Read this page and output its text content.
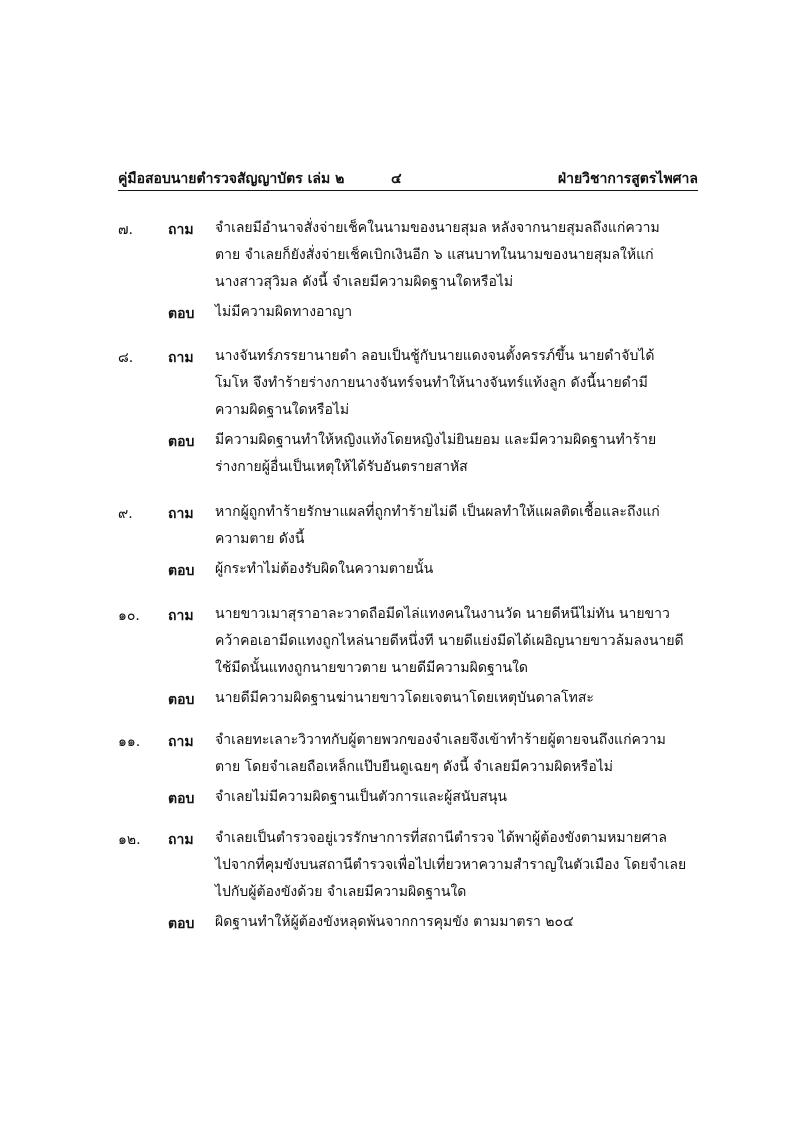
คู่มือสอบนายตำรวจสัญญาบัตร เล่ม ๒	๔	ฝ่ายวิชาการสูตรไพศาล
๗.	ถาม จำเลยมีอำนาจสั่งจ่ายเช็คในนามของนายสุมล หลังจากนายสุมลถึงแก่ความ
ตาย จำเลยก็ยังสั่งจ่ายเช็คเบิกเงินอีก ๖ แสนบาทในนามของนายสุมลให้แก่
นางสาวสุวิมล ดังนี้ จำเลยมีความผิดฐานใดหรือไม่
ตอบ ไม่มีความผิดทางอาญา
๘. ถาม นางจันทร์ภรรยานายดำ ลอบเป็นชู้กับนายแดงจนตั้งครรภ์ขึ้น นายดำจับได้
โมโห จึงทำร้ายร่างกายนางจันทร์จนทำให้นางจันทร์แท้งลูก ดังนี้นายดำมี
ความผิดฐานใดหรือไม่
ตอบ มีความผิดฐานทำให้หญิงแท้งโดยหญิงไม่ยินยอม และมีความผิดฐานทำร้าย
ร่างกายผู้อื่นเป็นเหตุให้ได้รับอันตรายสาหัส
๙.	ถาม หากผู้ถูกทำร้ายรักษาแผลที่ถูกทำร้ายไม่ดี เป็นผลทำให้แผลติดเชื้อและถึงแก่
ความตาย ดังนี้
ตอบ ผู้กระทำไม่ต้องรับผิดในความตายนั้น
๑๐. ถาม นายขาวเมาสุราอาละวาดถือมีดไล่แทงคนในงานวัด นายดีหนีไม่ทัน นายขาว
คว้าคอเอามีดแทงถูกไหล่นายดีหนึ่งที นายดีแย่งมีดได้เผอิญนายขาวล้มลงนายดี
ใช้มีดนั้นแทงถูกนายขาวตาย นายดีมีความผิดฐานใด
ตอบ นายดีมีความผิดฐานฆ่านายขาวโดยเจตนาโดยเหตุบันดาลโทสะ
๑๑. ถาม จำเลยทะเลาะวิวาทกับผู้ตายพวกของจำเลยจึงเข้าทำร้ายผู้ตายจนถึงแก่ความ
ตาย โดยจำเลยถือเหล็กแป๊บยืนดูเฉยๆ ดังนี้ จำเลยมีความผิดหรือไม่
ตอบ จำเลยไม่มีความผิดฐานเป็นตัวการและผู้สนับสนุน
๑๒. ถาม จำเลยเป็นตำรวจอยู่เวรรักษาการที่สถานีตำรวจ ได้พาผู้ต้องขังตามหมายศาล
ไปจากที่คุมขังบนสถานีตำรวจเพื่อไปเที่ยวหาความสำราญในตัวเมือง โดยจำเลย
ไปกับผู้ต้องขังด้วย จำเลยมีความผิดฐานใด
ตอบ ผิดฐานทำให้ผู้ต้องขังหลุดพ้นจากการคุมขัง ตามมาตรา ๒๐๔
